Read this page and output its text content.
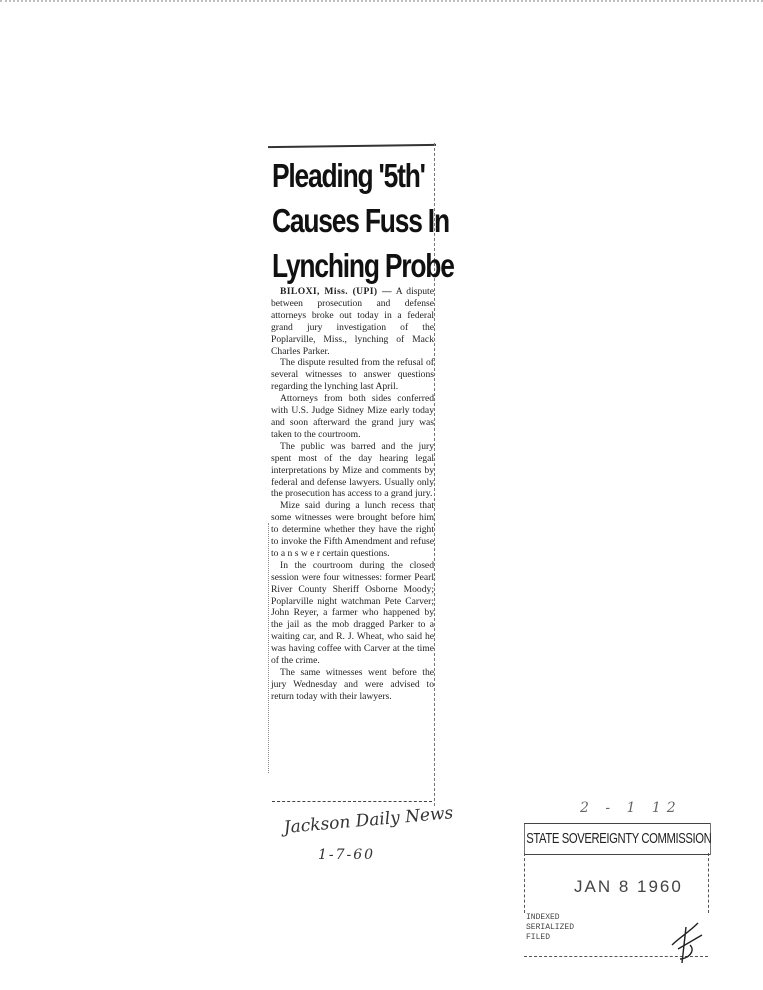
Pleading '5th'
Causes Fuss In
Lynching Probe

BILOXI, Miss. (UPI) — A dispute between prosecution and defense attorneys broke out today in a federal grand jury investigation of the Poplarville, Miss., lynching of Mack Charles Parker.

The dispute resulted from the refusal of several witnesses to answer questions regarding the lynching last April.

Attorneys from both sides conferred with U.S. Judge Sidney Mize early today and soon afterward the grand jury was taken to the courtroom.

The public was barred and the jury spent most of the day hearing legal interpretations by Mize and comments by federal and defense lawyers. Usually only the prosecution has access to a grand jury.

Mize said during a lunch recess that some witnesses were brought before him to determine whether they have the right to invoke the Fifth Amendment and refuse to a n s w e r certain questions.

In the courtroom during the closed session were four witnesses: former Pearl River County Sheriff Osborne Moody; Poplarville night watchman Pete Carver; John Reyer, a farmer who happened by the jail as the mob dragged Parker to a waiting car, and R. J. Wheat, who said he was having coffee with Carver at the time of the crime.

The same witnesses went before the jury Wednesday and were advised to return today with their lawyers.

Jackson Daily News
1-7-60
2 - 1 12
STATE SOVEREIGNTY COMMISSION
JAN 8 1960
INDEXED
SERIALIZED
FILED
